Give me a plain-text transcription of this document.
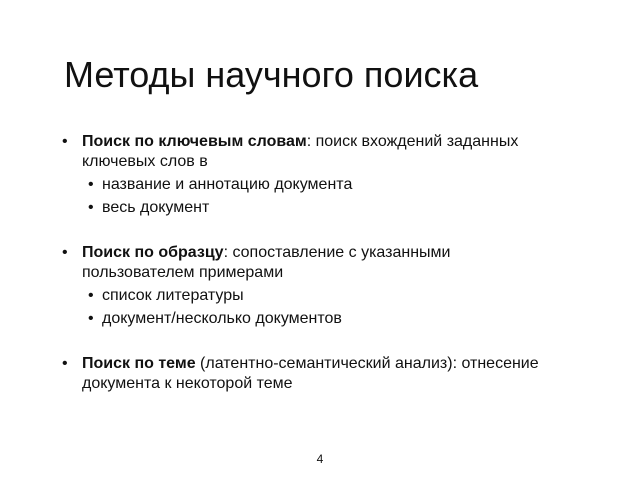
Методы научного поиска
• Поиск по ключевым словам: поиск вхождений заданных ключевых слов в
• название и аннотацию документа
• весь документ
• Поиск по образцу: сопоставление с указанными пользователем примерами
• список литературы
• документ/несколько документов
• Поиск по теме (латентно-семантический анализ): отнесение документа к некоторой теме
4
